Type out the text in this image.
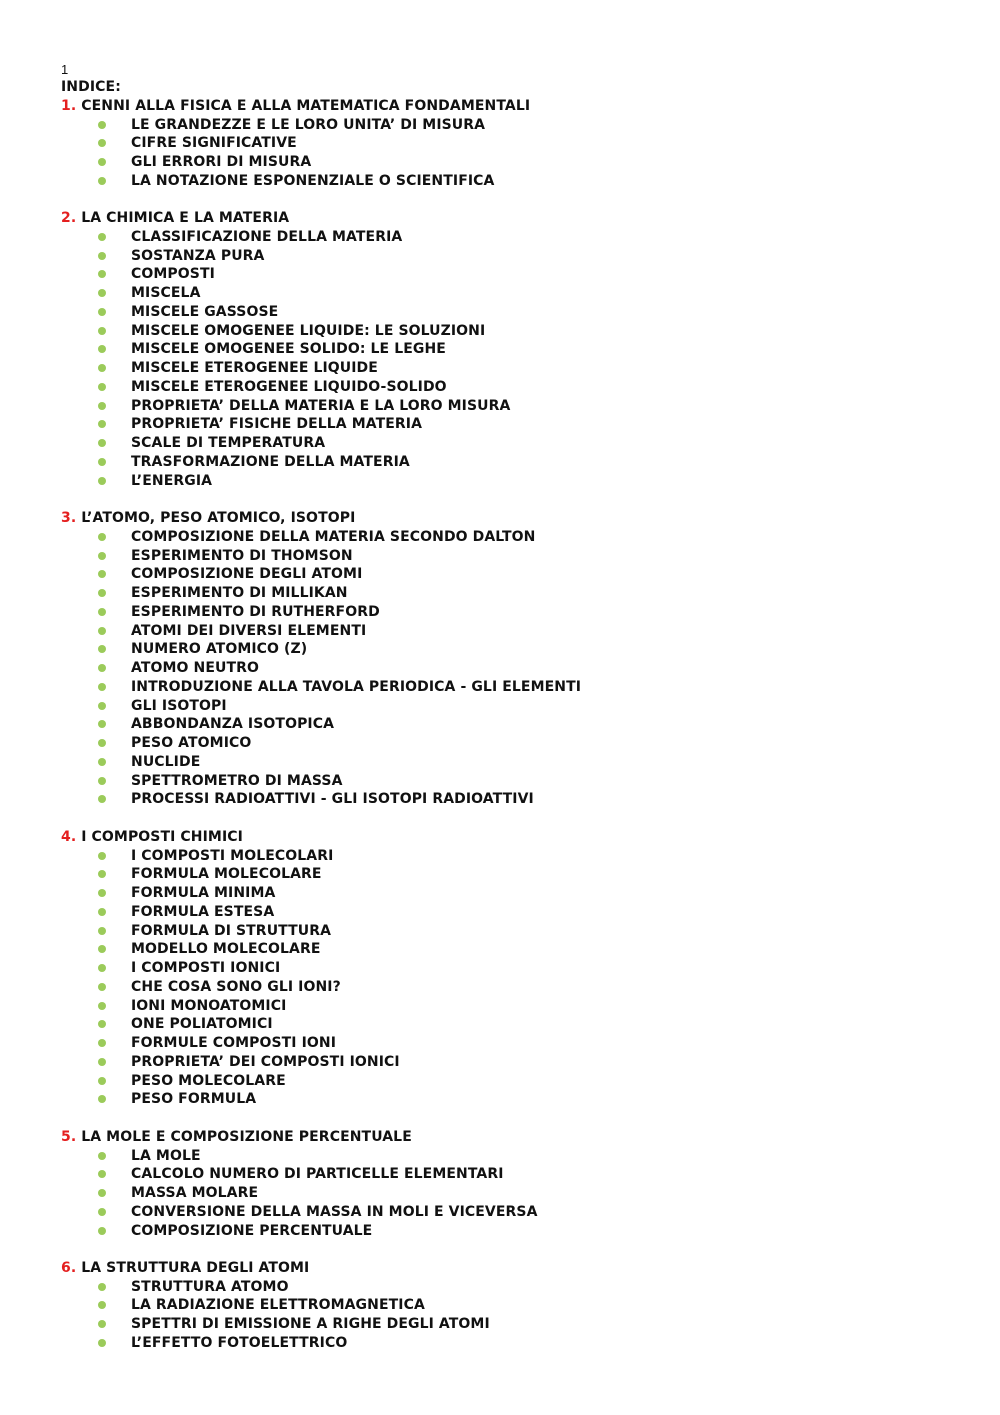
1
INDICE:
1. CENNI ALLA FISICA E ALLA MATEMATICA FONDAMENTALI
LE GRANDEZZE E LE LORO UNITA’ DI MISURA
CIFRE SIGNIFICATIVE
GLI ERRORI DI MISURA
LA NOTAZIONE ESPONENZIALE O SCIENTIFICA
2. LA CHIMICA E LA MATERIA
CLASSIFICAZIONE DELLA MATERIA
SOSTANZA PURA
COMPOSTI
MISCELA
MISCELE GASSOSE
MISCELE OMOGENEE LIQUIDE: LE SOLUZIONI
MISCELE OMOGENEE SOLIDO: LE LEGHE
MISCELE ETEROGENEE LIQUIDE
MISCELE ETEROGENEE LIQUIDO-SOLIDO
PROPRIETA’ DELLA MATERIA E LA LORO MISURA
PROPRIETA’ FISICHE DELLA MATERIA
SCALE DI TEMPERATURA
TRASFORMAZIONE DELLA MATERIA
L’ENERGIA
3. L’ATOMO, PESO ATOMICO, ISOTOPI
COMPOSIZIONE DELLA MATERIA SECONDO DALTON
ESPERIMENTO DI THOMSON
COMPOSIZIONE DEGLI ATOMI
ESPERIMENTO DI MILLIKAN
ESPERIMENTO DI RUTHERFORD
ATOMI DEI DIVERSI ELEMENTI
NUMERO ATOMICO (Z)
ATOMO NEUTRO
INTRODUZIONE ALLA TAVOLA PERIODICA - GLI ELEMENTI
GLI ISOTOPI
ABBONDANZA ISOTOPICA
PESO ATOMICO
NUCLIDE
SPETTROMETRO DI MASSA
PROCESSI RADIOATTIVI - GLI ISOTOPI RADIOATTIVI
4. I COMPOSTI CHIMICI
I COMPOSTI MOLECOLARI
FORMULA MOLECOLARE
FORMULA MINIMA
FORMULA ESTESA
FORMULA DI STRUTTURA
MODELLO MOLECOLARE
I COMPOSTI IONICI
CHE COSA SONO GLI IONI?
IONI MONOATOMICI
ONE POLIATOMICI
FORMULE COMPOSTI IONI
PROPRIETA’ DEI COMPOSTI IONICI
PESO MOLECOLARE
PESO FORMULA
5. LA MOLE E COMPOSIZIONE PERCENTUALE
LA MOLE
CALCOLO NUMERO DI PARTICELLE ELEMENTARI
MASSA MOLARE
CONVERSIONE DELLA MASSA IN MOLI E VICEVERSA
COMPOSIZIONE PERCENTUALE
6. LA STRUTTURA DEGLI ATOMI
STRUTTURA ATOMO
LA RADIAZIONE ELETTROMAGNETICA
SPETTRI DI EMISSIONE A RIGHE DEGLI ATOMI
L’EFFETTO FOTOELETTRICO
